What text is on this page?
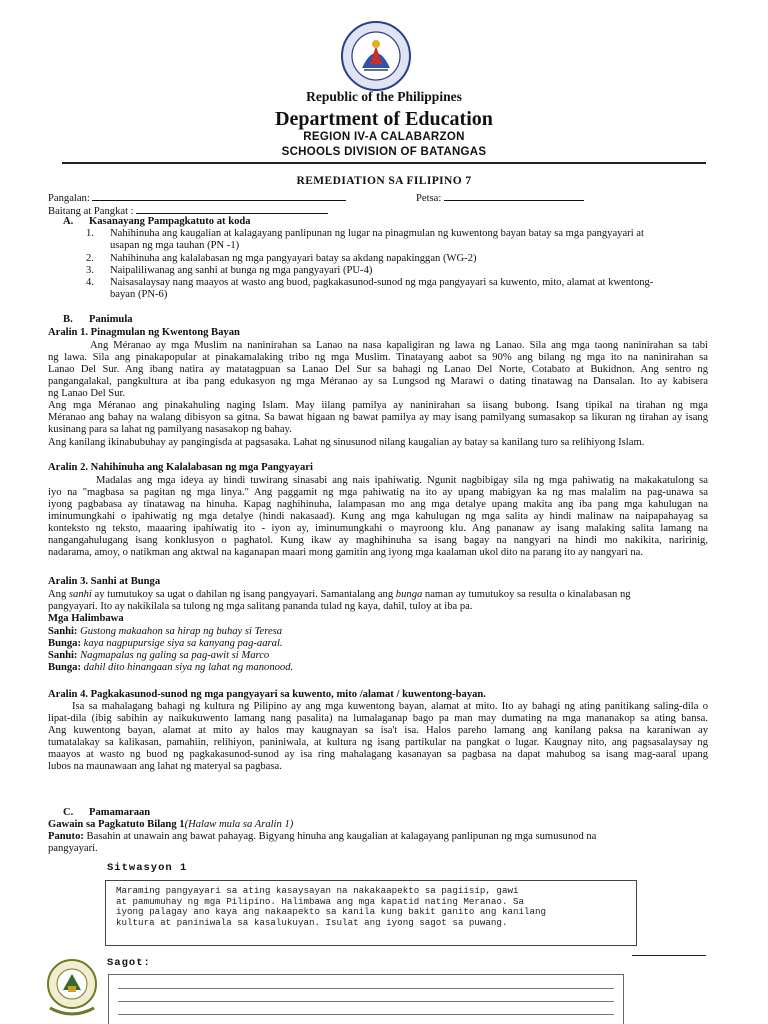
Republic of the Philippines
Department of Education
REGION IV-A CALABARZON
SCHOOLS DIVISION OF BATANGAS
REMEDIATION SA FILIPINO 7
Pangalan:	Petsa:
Baitang at Pangkat :
A. Kasanayang Pampagkatuto at koda
1. Nahihinuha ang kaugalian at kalagayang panlipunan ng lugar na pinagmulan ng kuwentong bayan batay sa mga pangyayari at
usapan ng mga tauhan (PN -1)
2. Nahihinuha ang kalalabasan ng mga pangyayari batay sa akdang napakinggan (WG-2)
3. Naipaliliwanag ang sanhi at bunga ng mga pangyayari (PU-4)
4. Naisasalaysay nang maayos at wasto ang buod, pagkakasunod-sunod ng mga pangyayari sa kuwento, mito, alamat at kwentong-
bayan (PN-6)
B. Panimula
Aralin 1. Pinagmulan ng Kwentong Bayan
Ang Méranao ay mga Muslim na naninirahan sa Lanao na nasa kapaligiran ng lawa ng Lanao. Sila ang mga taong naninirahan sa tabi
ng lawa. Sila ang pinakapopular at pinakamalaking tribo ng mga Muslim. Tinatayang aabot sa 90% ang bilang ng mga ito na naninirahan sa
Lanao Del Sur. Ang ibang natira ay matatagpuan sa Lanao Del Sur sa bahagi ng Lanao Del Norte, Cotabato at Bukidnon. Ang sentro ng
pangangalakal, pangkultura at iba pang edukasyon ng mga Méranao ay sa Lungsod ng Marawi o dating tinatawag na Dansalan. Ito ay kabisera
ng Lanao Del Sur.
Ang mga Méranao ang pinakahuling naging Islam. May iilang pamilya ay naninirahan sa iisang bubong. Isang tipikal na tirahan ng mga
Méranao ang bahay na walang dibisyon sa gitna. Sa bawat higaan ng bawat pamilya ay may isang pamilyang sumasakop sa likuran ng tirahan ay isang
kusinang para sa lahat ng pamilyang nasasakop ng bahay.
Ang kanilang ikinabubuhay ay pangingisda at pagsasaka. Lahat ng sinusunod nilang kaugalian ay batay sa kanilang turo sa relihiyong Islam.
Aralin 2. Nahihinuha ang Kalalabasan ng mga Pangyayari
Madalas ang mga ideya ay hindi tuwirang sinasabi ang nais ipahiwatig. Ngunit nagbibigay sila ng mga pahiwatig na makakatulong sa
iyo na "magbasa sa pagitan ng mga linya." Ang paggamit ng mga pahiwatig na ito ay upang mabigyan ka ng mas malalim na pag-unawa sa
iyong pagbabasa ay tinatawag na hinuha. Kapag naghihinuha, lalampasan mo ang mga detalye upang makita ang iba pang mga kahulugan na
iminumungkahi o ipahiwatig ng mga detalye (hindi nakasaad). Kung ang mga kahulugan ng mga salita ay hindi malinaw na naipapahayag sa
konteksto ng teksto, maaaring ipahiwatig ito - iyon ay, iminumungkahi o mayroong klu. Ang pananaw ay isang malaking salita lamang na
nangangahulugang isang konklusyon o paghatol. Kung ikaw ay maghihinuha sa isang bagay na nangyari na hindi mo nakikita, naririnig,
nadarama, amoy, o natikman ang aktwal na kaganapan maari mong gamitin ang iyong mga kaalaman ukol dito na parang ito ay nangyari na.
Aralin 3. Sanhi at Bunga
Ang sanhi ay tumutukoy sa ugat o dahilan ng isang pangyayari. Samantalang ang bunga naman ay tumutukoy sa resulta o kinalabasan ng
pangyayari. Ito ay nakikilala sa tulong ng mga salitang pananda tulad ng kaya, dahil, tuloy at iba pa.
Mga Halimbawa
Sanhi: Gustong makaahon sa hirap ng buhay si Teresa
Bunga: kaya nagpupursige siya sa kanyang pag-aaral.
Sanhi: Nagmapalas ng galing sa pag-awit si Marco
Bunga: dahil dito hinangaan siya ng lahat ng manonood.
Aralin 4. Pagkakasunod-sunod ng mga pangyayari sa kuwento, mito /alamat / kuwentong-bayan.
Isa sa mahalagang bahagi ng kultura ng Pilipino ay ang mga kuwentong bayan, alamat at mito. Ito ay bahagi ng ating panitikang saling-dila o
lipat-dila (ibig sabihin ay naikukuwento lamang nang pasalita) na lumalaganap bago pa man may dumating na mga mananakop sa ating bansa.
Ang kuwentong bayan, alamat at mito ay halos may kaugnayan sa isa't isa. Halos pareho lamang ang kanilang paksa na karaniwan ay
tumatalakay sa kalikasan, pamahiin, relihiyon, paniniwala, at kultura ng isang partikular na pangkat o lugar. Kaugnay nito, ang pagsasalaysay ng
maayos at wasto ng buod ng pagkakasunod-sunod ay isa ring mahalagang kasanayan sa pagbasa na dapat mahubog sa isang mag-aaral upang
lubos na maunawaan ang lahat ng materyal sa pagbasa.
C. Pamamaraan
Gawain sa Pagkatuto Bilang 1(Halaw mula sa Aralin 1)
Panuto: Basahin at unawain ang bawat pahayag. Bigyang hinuha ang kaugalian at kalagayang panlipunan ng mga sumusunod na
pangyayari.
Sitwasyon 1
Maraming pangyayari sa ating kasaysayan na nakakaapekto sa pagiisip, gawi
at pamumuhay ng mga Pilipino. Halimbawa ang mga kapatid nating Meranao. Sa
iyong palagay ano kaya ang nakaapekto sa kanila kung bakit ganito ang kanilang
kultura at paniniwala sa kasalukuyan. Isulat ang iyong sagot sa puwang.
Sagot:
